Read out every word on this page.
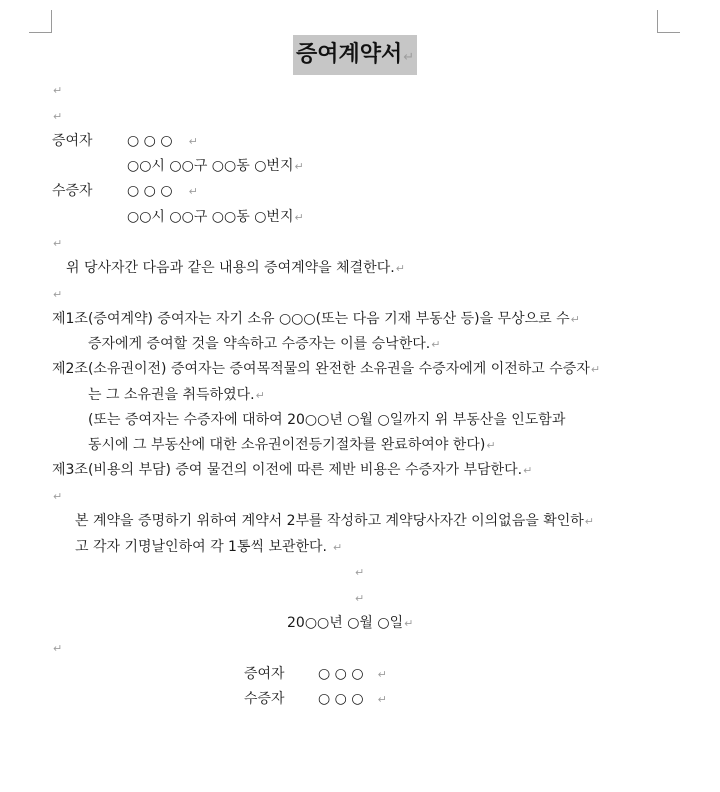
증여계약서↵
↵
↵
증여자 ○ ○ ○ ↵
○○시 ○○구 ○○동 ○번지↵
수증자 ○ ○ ○ ↵
○○시 ○○구 ○○동 ○번지↵
↵
위 당사자간 다음과 같은 내용의 증여계약을 체결한다.↵
↵
제1조(증여계약) 증여자는 자기 소유 ○○○(또는 다음 기재 부동산 등)을 무상으로 수↵
증자에게 증여할 것을 약속하고 수증자는 이를 승낙한다.↵
제2조(소유권이전) 증여자는 증여목적물의 완전한 소유권을 수증자에게 이전하고 수증자↵
는 그 소유권을 취득하였다.↵
(또는 증여자는 수증자에 대하여 20○○년 ○월 ○일까지 위 부동산을 인도함과
동시에 그 부동산에 대한 소유권이전등기절차를 완료하여야 한다)↵
제3조(비용의 부담) 증여 물건의 이전에 따른 제반 비용은 수증자가 부담한다.↵
↵
본 계약을 증명하기 위하여 계약서 2부를 작성하고 계약당사자간 이의없음을 확인하↵
고 각자 기명날인하여 각 1통씩 보관한다. ↵
↵
↵
20○○년 ○월 ○일↵
↵
증여자 ○ ○ ○ ↵
수증자 ○ ○ ○ ↵
